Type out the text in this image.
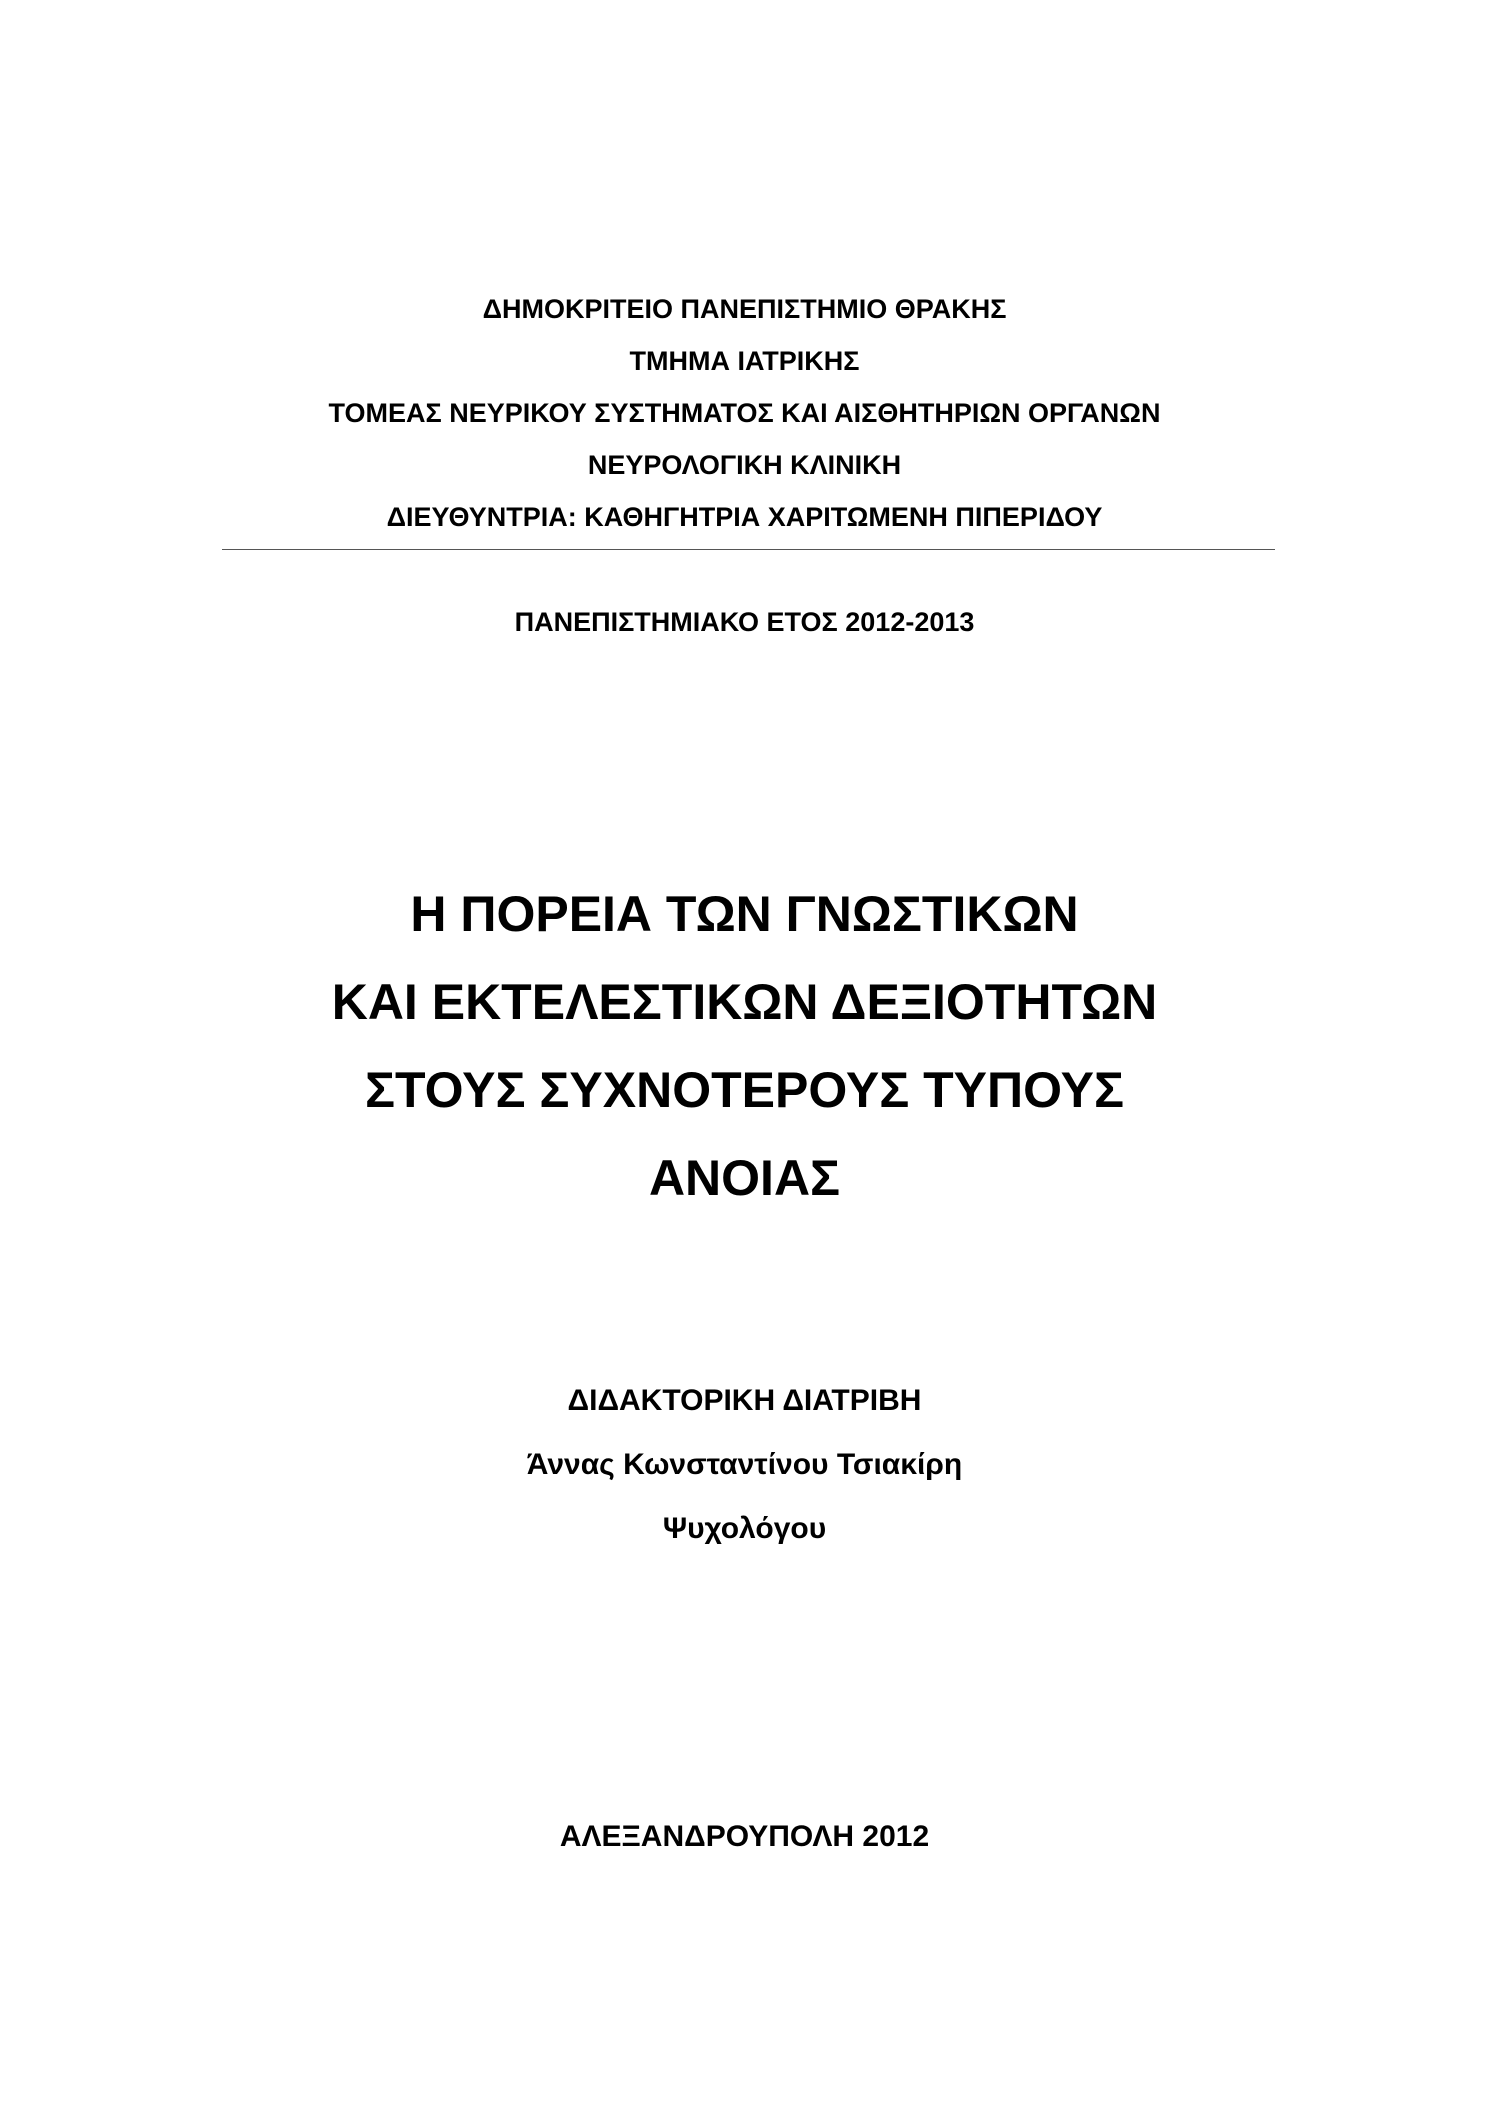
ΔΗΜΟΚΡΙΤΕΙΟ ΠΑΝΕΠΙΣΤΗΜΙΟ ΘΡΑΚΗΣ
ΤΜΗΜΑ ΙΑΤΡΙΚΗΣ
ΤΟΜΕΑΣ ΝΕΥΡΙΚΟΥ ΣΥΣΤΗΜΑΤΟΣ ΚΑΙ ΑΙΣΘΗΤΗΡΙΩΝ ΟΡΓΑΝΩΝ
ΝΕΥΡΟΛΟΓΙΚΗ ΚΛΙΝΙΚΗ
ΔΙΕΥΘΥΝΤΡΙΑ: ΚΑΘΗΓΗΤΡΙΑ ΧΑΡΙΤΩΜΕΝΗ ΠΙΠΕΡΙΔΟΥ
ΠΑΝΕΠΙΣΤΗΜΙΑΚΟ ΕΤΟΣ 2012-2013
Η ΠΟΡΕΙΑ ΤΩΝ ΓΝΩΣΤΙΚΩΝ
ΚΑΙ ΕΚΤΕΛΕΣΤΙΚΩΝ ΔΕΞΙΟΤΗΤΩΝ
ΣΤΟΥΣ ΣΥΧΝΟΤΕΡΟΥΣ ΤΥΠΟΥΣ
ΑΝΟΙΑΣ
ΔΙΔΑΚΤΟΡΙΚΗ ΔΙΑΤΡΙΒΗ
Άννας Κωνσταντίνου Τσιακίρη
Ψυχολόγου
ΑΛΕΞΑΝΔΡΟΥΠΟΛΗ 2012
